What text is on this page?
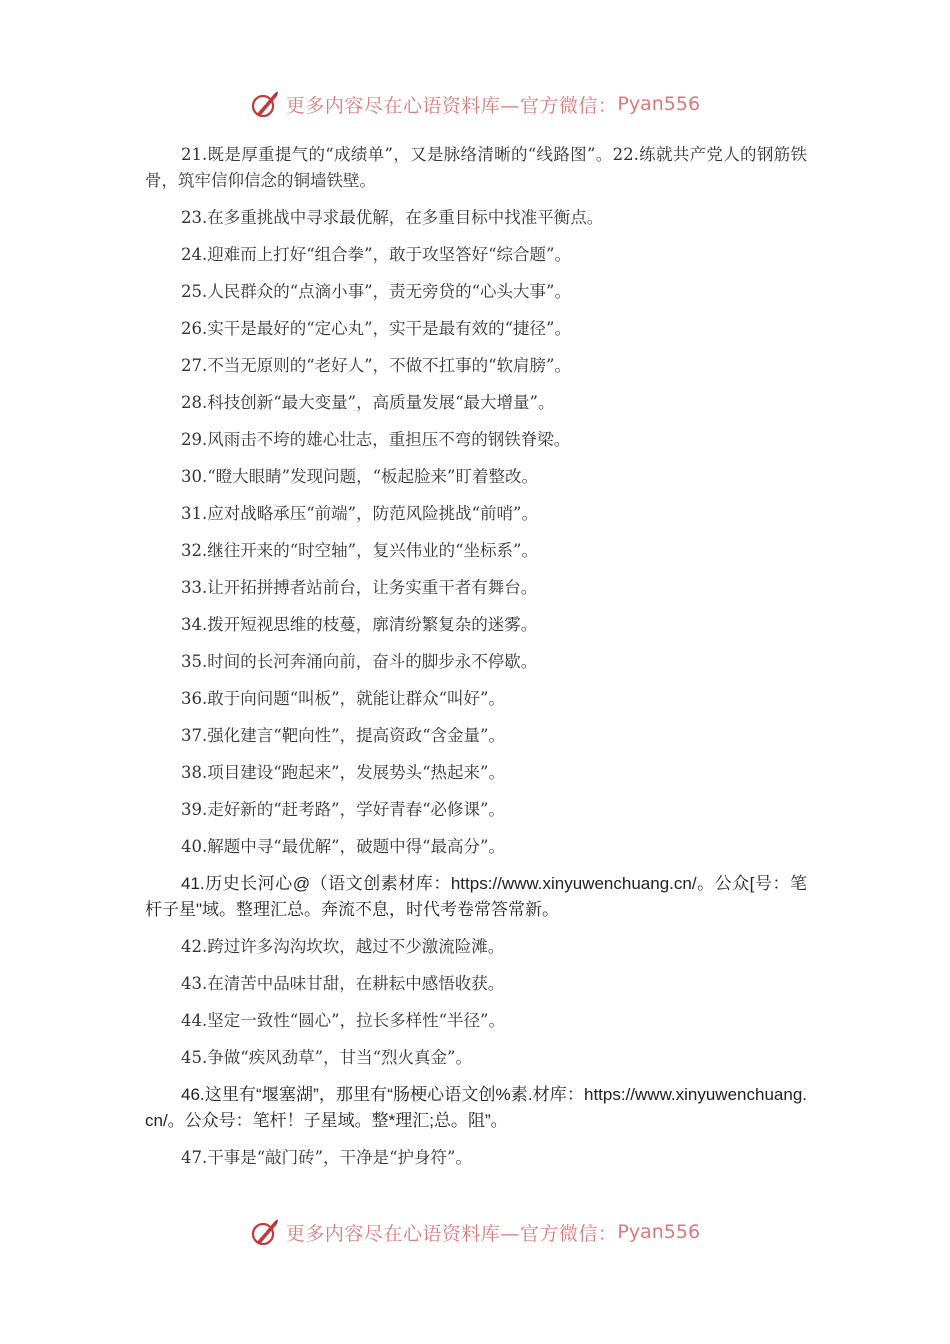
更多内容尽在心语资料库—官方微信： Pyan556

21.既是厚重提气的“成绩单”，又是脉络清晰的“线路图”。22.练就共产党人的钢筋铁骨，筑牢信仰信念的铜墙铁壁。

23.在多重挑战中寻求最优解，在多重目标中找准平衡点。

24.迎难而上打好“组合拳”，敢于攻坚答好“综合题”。

25.人民群众的“点滴小事”，责无旁贷的“心头大事”。

26.实干是最好的“定心丸”，实干是最有效的“捷径”。

27.不当无原则的“老好人”，不做不扛事的“软肩膀”。

28.科技创新“最大变量”，高质量发展“最大增量”。

29.风雨击不垮的雄心壮志，重担压不弯的钢铁脊梁。

30.“瞪大眼睛”发现问题，“板起脸来”盯着整改。

31.应对战略承压“前端”，防范风险挑战“前哨”。

32.继往开来的“时空轴”，复兴伟业的“坐标系”。

33.让开拓拼搏者站前台，让务实重干者有舞台。

34.拨开短视思维的枝蔓，廓清纷繁复杂的迷雾。

35.时间的长河奔涌向前，奋斗的脚步永不停歇。

36.敢于向问题“叫板”，就能让群众“叫好”。

37.强化建言“靶向性”，提高资政“含金量”。

38.项目建设“跑起来”，发展势头“热起来”。

39.走好新的“赶考路”，学好青春“必修课”。

40.解题中寻“最优解”，破题中得“最高分”。

41.历史长河心@（语文创素材库：https://www.xinyuwenchuang.cn/。公众[号：笔杆子星"域。整理汇总。奔流不息，时代考卷常答常新。

42.跨过许多沟沟坎坎，越过不少激流险滩。

43.在清苦中品味甘甜，在耕耘中感悟收获。

44.坚定一致性“圆心”，拉长多样性“半径”。

45.争做“疾风劲草”，甘当“烈火真金”。

46.这里有“堰塞湖”，那里有“肠梗心语文创%素.材库：https://www.xinyuwenchuang.cn/。公众号：笔杆！子星域。整*理汇;总。阻”。

47.干事是“敲门砖”，干净是“护身符”。

更多内容尽在心语资料库—官方微信： Pyan556
